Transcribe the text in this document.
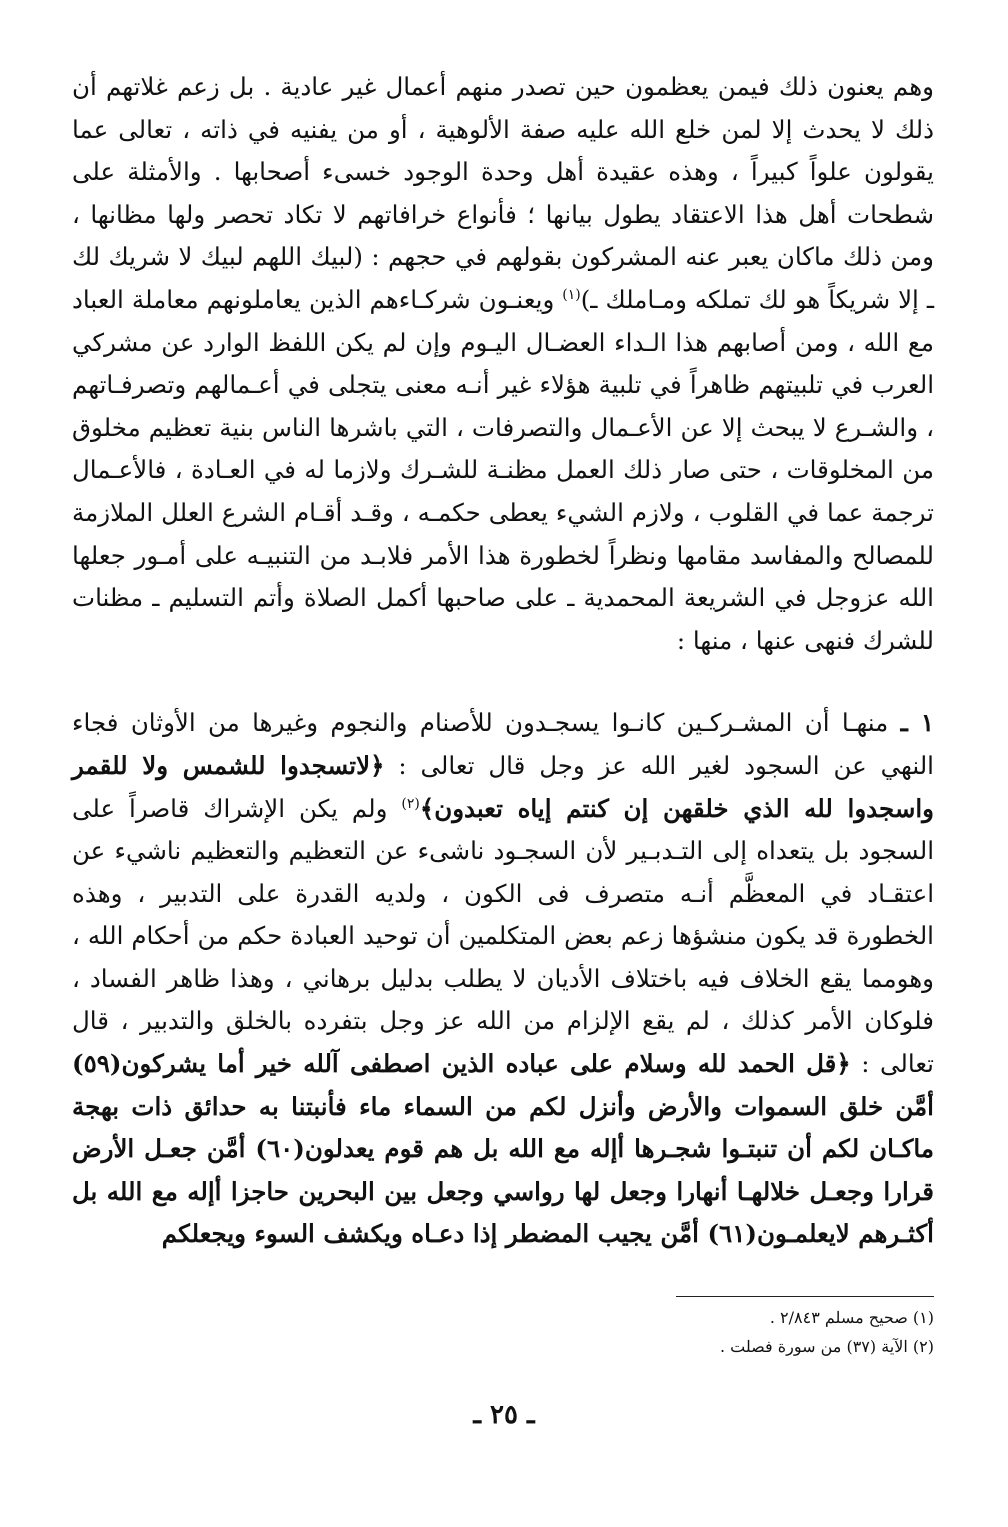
وهم يعنون ذلك فيمن يعظمون حين تصدر منهم أعمال غير عادية . بل زعم غلاتهم أن ذلك لا يحدث إلا لمن خلع الله عليه صفة الألوهية ، أو من يفنيه في ذاته ، تعالى عما يقولون علواً كبيراً ، وهذه عقيدة أهل وحدة الوجود خسىء أصحابها . والأمثلة على شطحات أهل هذا الاعتقاد يطول بيانها ؛ فأنواع خرافاتهم لا تكاد تحصر ولها مظانها ، ومن ذلك ماكان يعبر عنه المشركون بقولهم في حجهم : (لبيك اللهم لبيك لا شريك لك ـ إلا شريكاً هو لك تملكه ومـاملك ـ)$^{(١)}$ ويعنـون شركـاءهم الذين يعاملونهم معاملة العباد مع الله ، ومن أصابهم هذا الـداء العضـال اليـوم وإن لم يكن اللفظ الوارد عن مشركي العرب في تلبيتهم ظاهراً في تلبية هؤلاء غير أنـه معنى يتجلى في أعـمالهم وتصرفـاتهم ، والشـرع لا يبحث إلا عن الأعـمال والتصرفات ، التي باشرها الناس بنية تعظيم مخلوق من المخلوقات ، حتى صار ذلك العمل مظنـة للشـرك ولازما له في العـادة ، فالأعـمال ترجمة عما في القلوب ، ولازم الشيء يعطى حكمـه ، وقـد أقـام الشرع العلل الملازمة للمصالح والمفاسد مقامها ونظراً لخطورة هذا الأمر فلابـد من التنبيـه على أمـور جعلها الله عزوجل في الشريعة المحمدية ـ على صاحبها أكمل الصلاة وأتم التسليم ـ مظنات للشرك فنهى عنها ، منها :

١ ـ منهـا أن المشـركـين كانـوا يسجـدون للأصنام والنجوم وغيرها من الأوثان فجاء النهي عن السجود لغير الله عز وجل قال تعالى : ﴿لاتسجدوا للشمس ولا للقمر واسجدوا لله الذي خلقهن إن كنتم إياه تعبدون﴾$^{(٢)}$ ولم يكن الإشراك قاصراً على السجود بل يتعداه إلى التـدبـير لأن السجـود ناشىء عن التعظيم والتعظيم ناشيء عن اعتقـاد في المعظَّم أنـه متصرف فى الكون ، ولديه القدرة على التدبير ، وهذه الخطورة قد يكون منشؤها زعم بعض المتكلمين أن توحيد العبادة حكم من أحكام الله ، وهومما يقع الخلاف فيه باختلاف الأديان لا يطلب بدليل برهاني ، وهذا ظاهر الفساد ، فلوكان الأمر كذلك ، لم يقع الإلزام من الله عز وجل بتفرده بالخلق والتدبير ، قال تعالى : ﴿قل الحمد لله وسلام على عباده الذين اصطفى آلله خير أما يشركون(٥٩) أمَّن خلق السموات والأرض وأنزل لكم من السماء ماء فأنبتنا به حدائق ذات بهجة ماكـان لكم أن تنبتـوا شجـرها أإله مع الله بل هم قوم يعدلون(٦٠) أمَّن جعـل الأرض قرارا وجعـل خلالهـا أنهارا وجعل لها رواسي وجعل بين البحرين حاجزا أإله مع الله بل أكثـرهم لايعلمـون(٦١) أمَّن يجيب المضطر إذا دعـاه ويكشف السوء ويجعلكم

(١) صحيح مسلم ٢/٨٤٣ .

(٢) الآية (٣٧) من سورة فصلت .

ـ ٢٥ ـ
